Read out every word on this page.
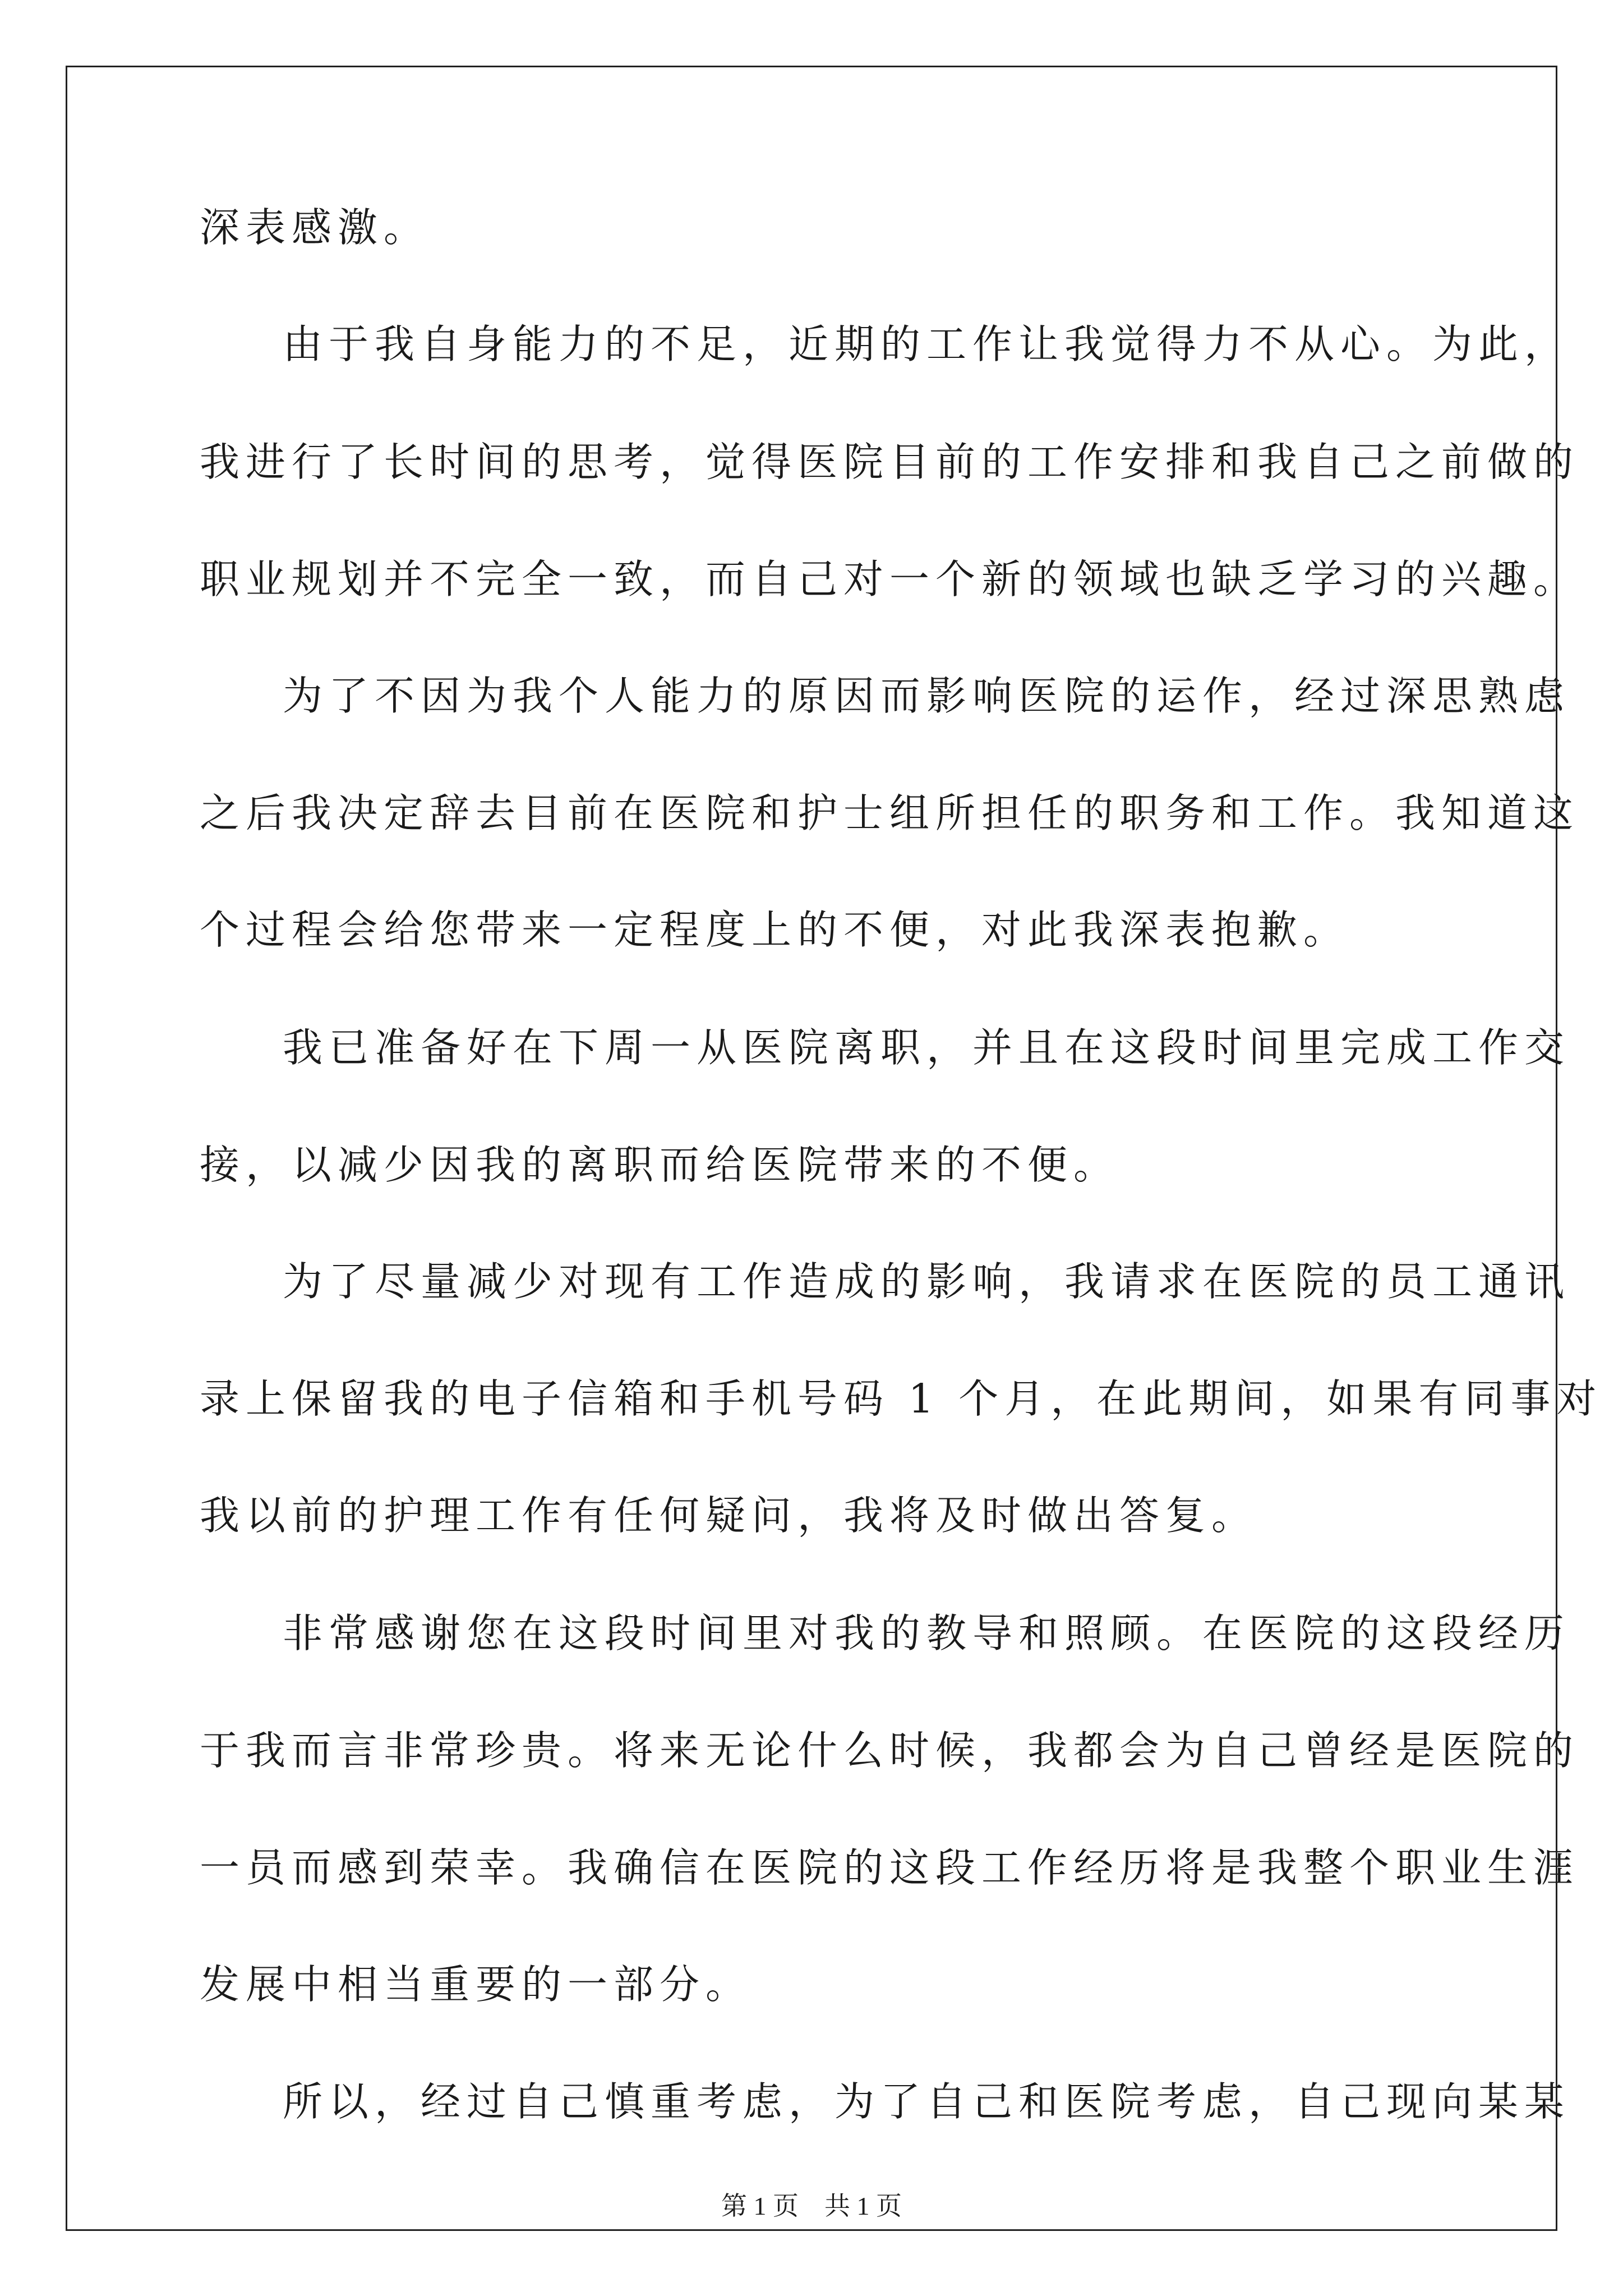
深表感激。
由于我自身能力的不足，近期的工作让我觉得力不从心。为此，
我进行了长时间的思考，觉得医院目前的工作安排和我自己之前做的
职业规划并不完全一致，而自己对一个新的领域也缺乏学习的兴趣。
为了不因为我个人能力的原因而影响医院的运作，经过深思熟虑
之后我决定辞去目前在医院和护士组所担任的职务和工作。我知道这
个过程会给您带来一定程度上的不便，对此我深表抱歉。
我已准备好在下周一从医院离职，并且在这段时间里完成工作交
接，以减少因我的离职而给医院带来的不便。
为了尽量减少对现有工作造成的影响，我请求在医院的员工通讯
录上保留我的电子信箱和手机号码 1 个月，在此期间，如果有同事对
我以前的护理工作有任何疑问，我将及时做出答复。
非常感谢您在这段时间里对我的教导和照顾。在医院的这段经历
于我而言非常珍贵。将来无论什么时候，我都会为自己曾经是医院的
一员而感到荣幸。我确信在医院的这段工作经历将是我整个职业生涯
发展中相当重要的一部分。
所以，经过自己慎重考虑，为了自己和医院考虑，自己现向某某
第 1 页　共 1 页
